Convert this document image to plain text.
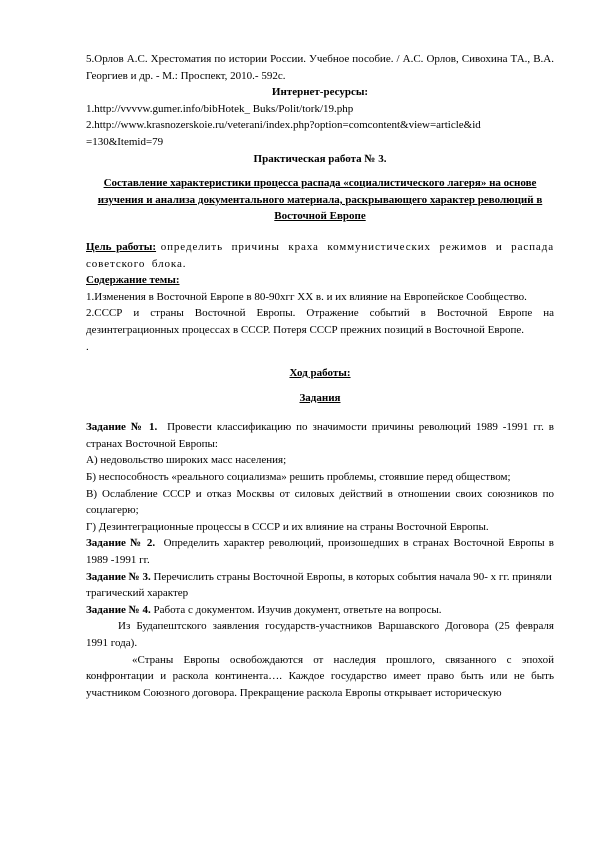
5.Орлов А.С. Хрестоматия по истории России. Учебное пособие. / А.С. Орлов, Сивохина ТА., В.А. Георгиев и др. - М.: Проспект, 2010.- 592с.

Интернет-ресурсы:

1.http://vvvvw.gumer.info/bibHotek_ Buks/Polit/tork/19.php

2.http://www.krasnozerskoie.ru/veterani/index.php?option=comcontent&view=article&id =130&Itemid=79

Практическая работа № 3.

Составление характеристики процесса распада «социалистического лагеря» на основе изучения и анализа документального материала, раскрывающего характер революций в Восточной Европе

Цель работы: определить причины краха коммунистических режимов и распада советского блока.

Содержание темы:

1.Изменения в Восточной Европе в 80-90хгг XX в. и их влияние на Европейское Сообщество.

2.СССР и страны Восточной Европы. Отражение событий в Восточной Европе на дезинтеграционных процессах в СССР. Потеря СССР прежних позиций в Восточной Европе.

.

Ход работы:

Задания

Задание № 1. Провести классификацию по значимости причины революций 1989 -1991 гг. в странах Восточной Европы:

А) недовольство широких масс населения;

Б) неспособность «реального социализма» решить проблемы, стоявшие перед обществом;

В) Ослабление СССР и отказ Москвы от силовых действий в отношении своих союзников по соцлагерю;

Г) Дезинтеграционные процессы в СССР и их влияние на страны Восточной Европы.

Задание № 2. Определить характер революций, произошедших в странах Восточной Европы в 1989 -1991 гг.

Задание № 3. Перечислить страны Восточной Европы, в которых события начала 90- х гг. приняли трагический характер

Задание № 4. Работа с документом. Изучив документ, ответьте на вопросы.

Из Будапештского заявления государств-участников Варшавского Договора (25 февраля 1991 года).

«Страны Европы освобождаются от наследия прошлого, связанного с эпохой конфронтации и раскола континента…. Каждое государство имеет право быть или не быть участником Союзного договора. Прекращение раскола Европы открывает историческую
